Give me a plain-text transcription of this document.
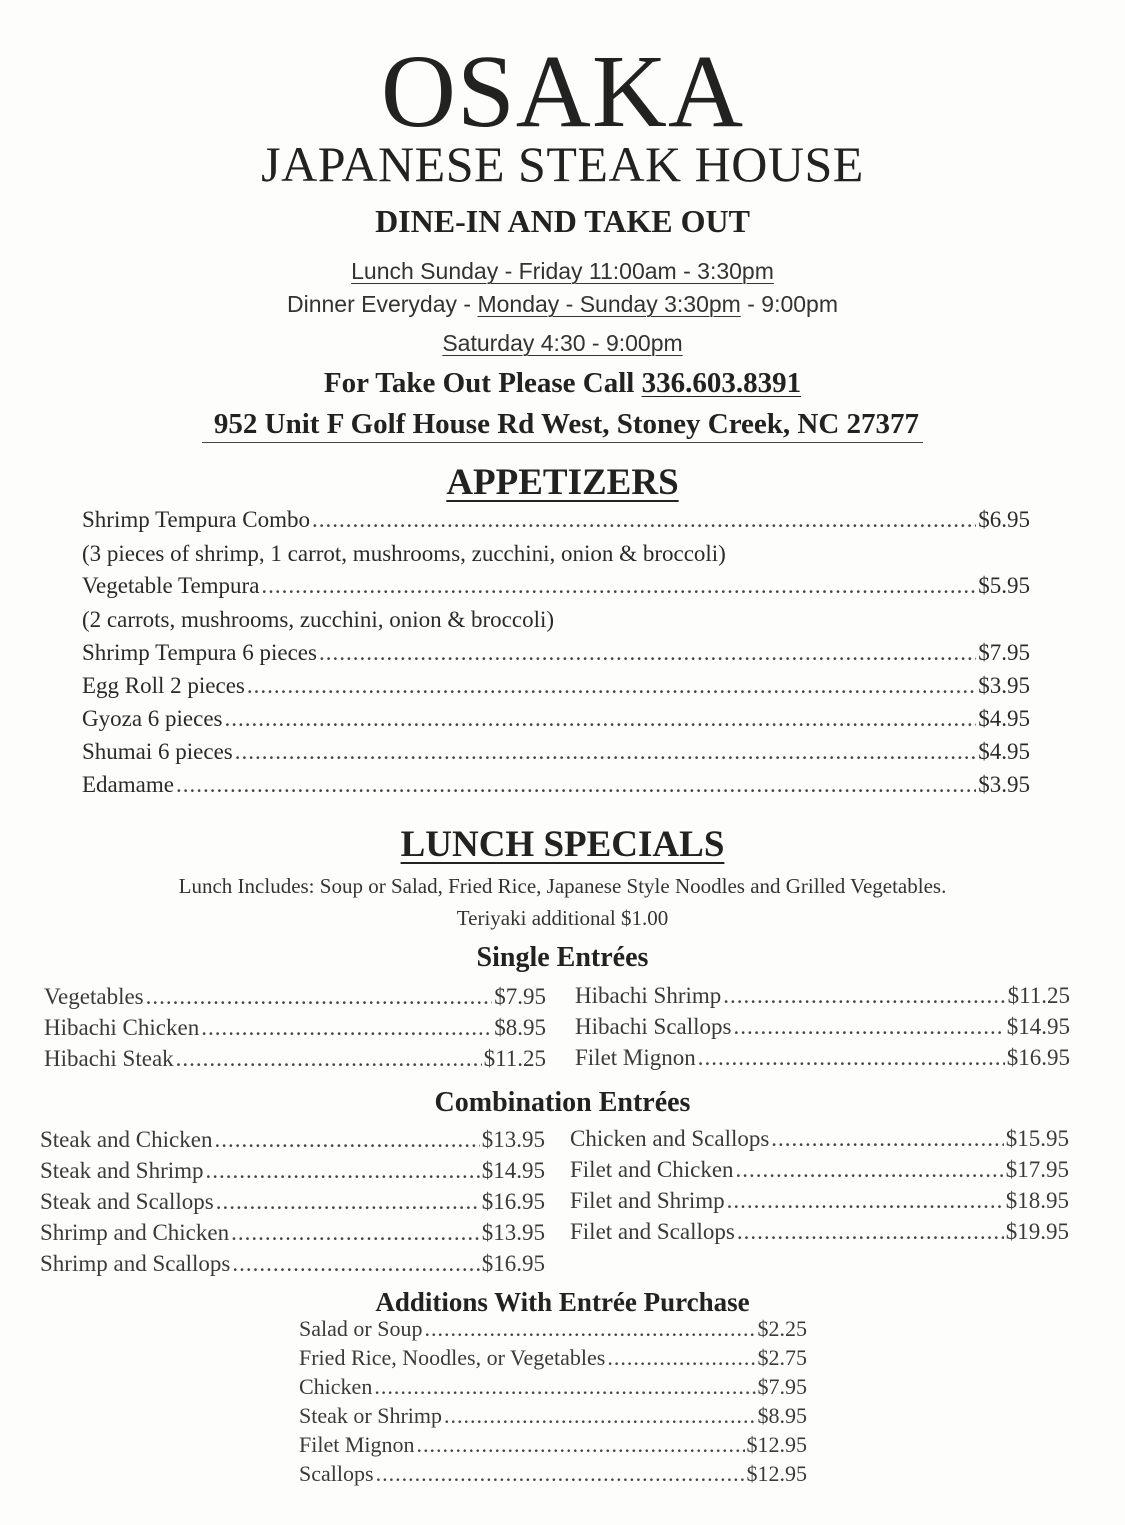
OSAKA
JAPANESE STEAK HOUSE
DINE-IN AND TAKE OUT
Lunch Sunday - Friday 11:00am - 3:30pm
Dinner Everyday - Monday - Sunday 3:30pm - 9:00pm
Saturday 4:30 - 9:00pm
For Take Out Please Call 336.603.8391
952 Unit F Golf House Rd West, Stoney Creek, NC 27377
APPETIZERS
Shrimp Tempura Combo .....	$6.95
(3 pieces of shrimp, 1 carrot, mushrooms, zucchini, onion & broccoli)
Vegetable Tempura .....	$5.95
(2 carrots, mushrooms, zucchini, onion & broccoli)
Shrimp Tempura 6 pieces .....	$7.95
Egg Roll 2 pieces .....	$3.95
Gyoza 6 pieces .....	$4.95
Shumai 6 pieces .....	$4.95
Edamame .....	$3.95
LUNCH SPECIALS
Lunch Includes: Soup or Salad, Fried Rice, Japanese Style Noodles and Grilled Vegetables.
Teriyaki additional $1.00
Single Entrées
Vegetables .....	$7.95
Hibachi Chicken .....	$8.95
Hibachi Steak .....	$11.25
Hibachi Shrimp .....	$11.25
Hibachi Scallops .....	$14.95
Filet Mignon .....	$16.95
Combination Entrées
Steak and Chicken .....	$13.95
Steak and Shrimp .....	$14.95
Steak and Scallops .....	$16.95
Shrimp and Chicken .....	$13.95
Shrimp and Scallops .....	$16.95
Chicken and Scallops .....	$15.95
Filet and Chicken .....	$17.95
Filet and Shrimp .....	$18.95
Filet and Scallops .....	$19.95
Additions With Entrée Purchase
Salad or Soup .....	$2.25
Fried Rice, Noodles, or Vegetables .....	$2.75
Chicken .....	$7.95
Steak or Shrimp .....	$8.95
Filet Mignon .....	$12.95
Scallops .....	$12.95
